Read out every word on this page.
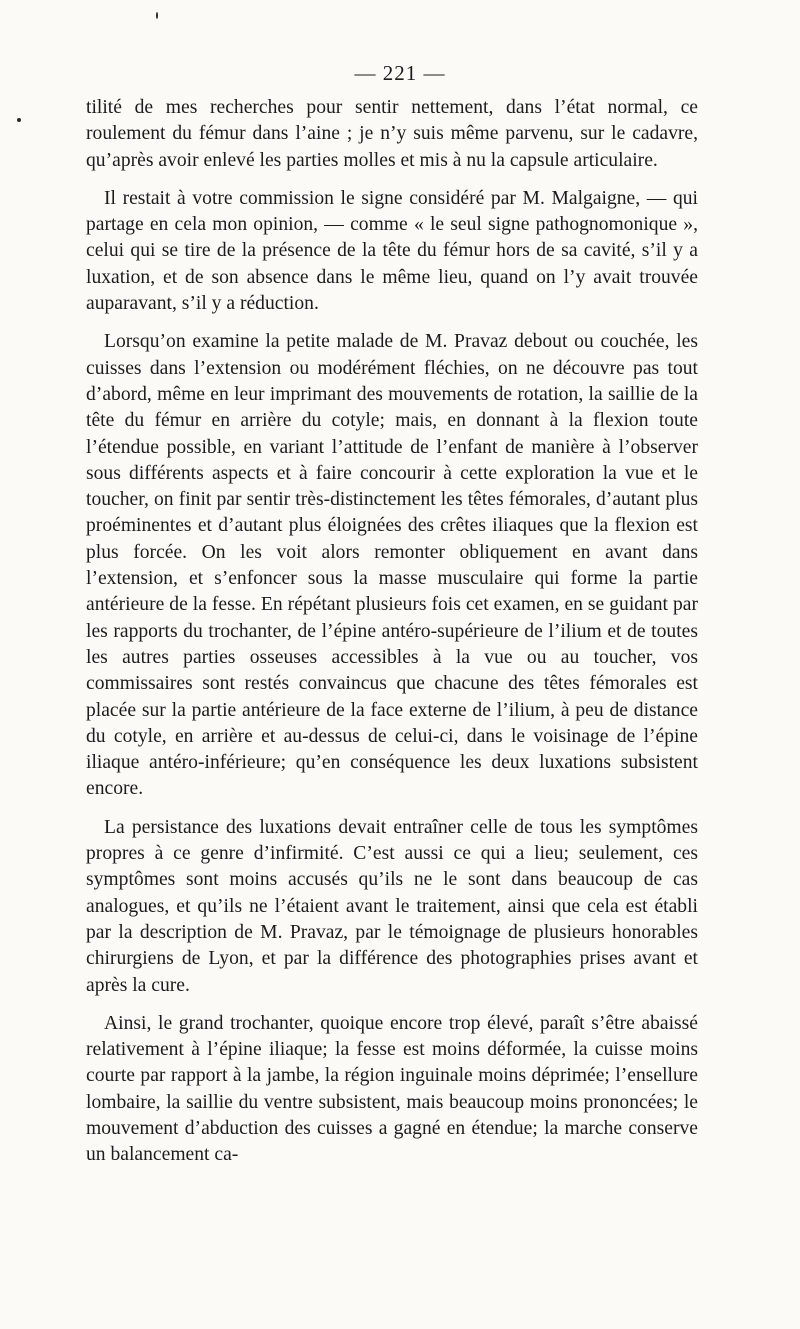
— 221 —

tilité de mes recherches pour sentir nettement, dans l’état normal, ce roulement du fémur dans l’aine ; je n’y suis même parvenu, sur le cadavre, qu’après avoir enlevé les parties molles et mis à nu la capsule articulaire.

Il restait à votre commission le signe considéré par M. Malgaigne, — qui partage en cela mon opinion, — comme « le seul signe pathognomonique », celui qui se tire de la présence de la tête du fémur hors de sa cavité, s’il y a luxation, et de son absence dans le même lieu, quand on l’y avait trouvée auparavant, s’il y a réduction.

Lorsqu’on examine la petite malade de M. Pravaz debout ou couchée, les cuisses dans l’extension ou modérément fléchies, on ne découvre pas tout d’abord, même en leur imprimant des mouvements de rotation, la saillie de la tête du fémur en arrière du cotyle; mais, en donnant à la flexion toute l’étendue possible, en variant l’attitude de l’enfant de manière à l’observer sous différents aspects et à faire concourir à cette exploration la vue et le toucher, on finit par sentir très-distinctement les têtes fémorales, d’autant plus proéminentes et d’autant plus éloignées des crêtes iliaques que la flexion est plus forcée. On les voit alors remonter obliquement en avant dans l’extension, et s’enfoncer sous la masse musculaire qui forme la partie antérieure de la fesse. En répétant plusieurs fois cet examen, en se guidant par les rapports du trochanter, de l’épine antéro-supérieure de l’ilium et de toutes les autres parties osseuses accessibles à la vue ou au toucher, vos commissaires sont restés convaincus que chacune des têtes fémorales est placée sur la partie antérieure de la face externe de l’ilium, à peu de distance du cotyle, en arrière et au-dessus de celui-ci, dans le voisinage de l’épine iliaque antéro-inférieure; qu’en conséquence les deux luxations subsistent encore.

La persistance des luxations devait entraîner celle de tous les symptômes propres à ce genre d’infirmité. C’est aussi ce qui a lieu; seulement, ces symptômes sont moins accusés qu’ils ne le sont dans beaucoup de cas analogues, et qu’ils ne l’étaient avant le traitement, ainsi que cela est établi par la description de M. Pravaz, par le témoignage de plusieurs honorables chirurgiens de Lyon, et par la différence des photographies prises avant et après la cure.

Ainsi, le grand trochanter, quoique encore trop élevé, paraît s’être abaissé relativement à l’épine iliaque; la fesse est moins déformée, la cuisse moins courte par rapport à la jambe, la région inguinale moins déprimée; l’ensellure lombaire, la saillie du ventre subsistent, mais beaucoup moins prononcées; le mouvement d’abduction des cuisses a gagné en étendue; la marche conserve un balancement ca-
